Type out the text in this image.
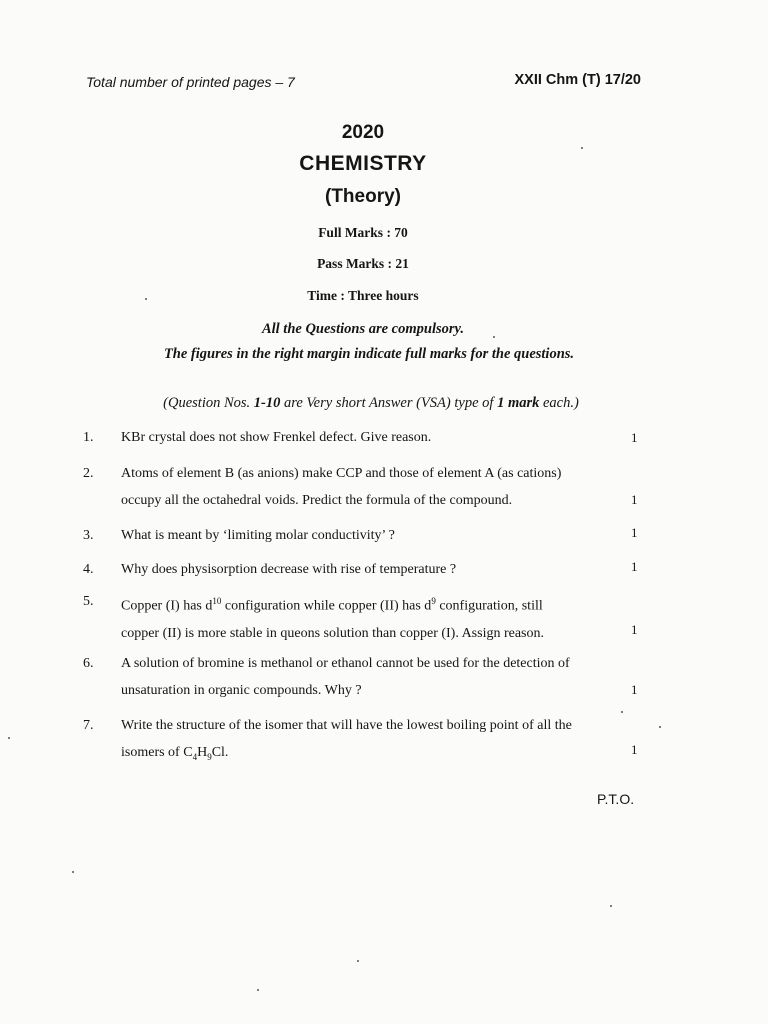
Total number of printed pages – 7	XXII Chm (T) 17/20
2020
CHEMISTRY
(Theory)
Full Marks : 70
Pass Marks : 21
Time : Three hours
All the Questions are compulsory.
The figures in the right margin indicate full marks for the questions.
(Question Nos. 1-10 are Very short Answer (VSA) type of 1 mark each.)
1. KBr crystal does not show Frenkel defect. Give reason.	1
2. Atoms of element B (as anions) make CCP and those of element A (as cations)
occupy all the octahedral voids. Predict the formula of the compound.	1
3. What is meant by ‘limiting molar conductivity’ ?	1
4. Why does physisorption decrease with rise of temperature ?	1
5. Copper (I) has $d^{10}$ configuration while copper (II) has $d^9$ configuration, still
copper (II) is more stable in queons solution than copper (I). Assign reason.	1
6. A solution of bromine is methanol or ethanol cannot be used for the detection of
unsaturation in organic compounds. Why ?	1
7. Write the structure of the isomer that will have the lowest boiling point of all the
isomers of $C_4H_9Cl$.	1
P.T.O.
